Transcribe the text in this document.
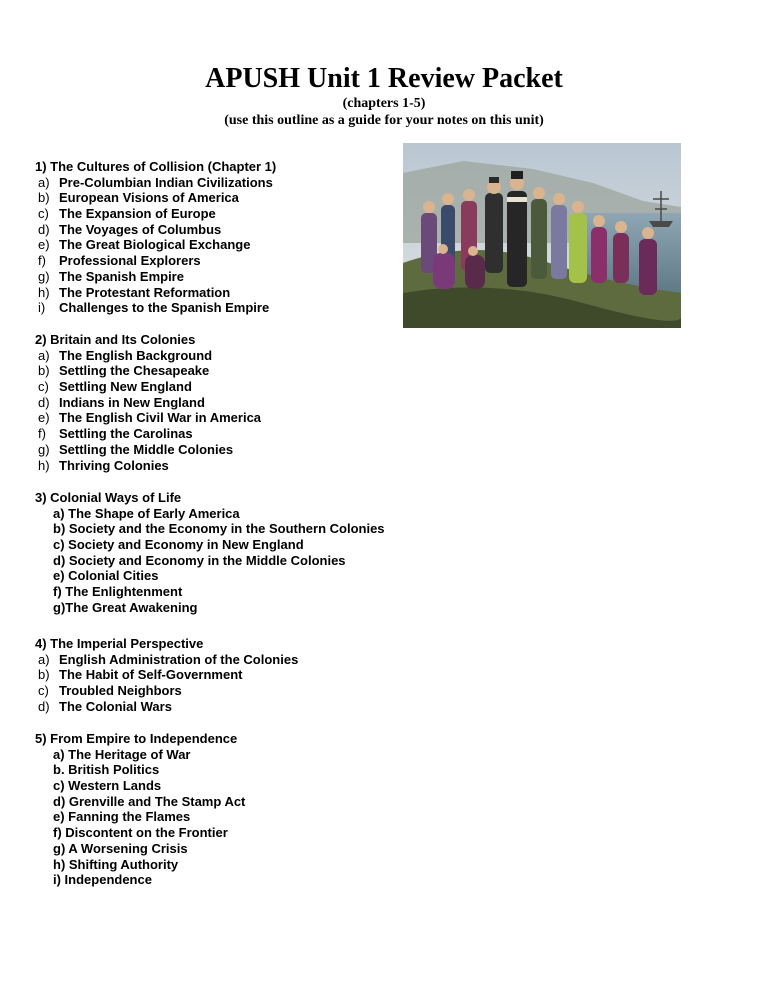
APUSH Unit 1 Review Packet
(chapters 1-5)
(use this outline as a guide for your notes on this unit)
1) The Cultures of Collision (Chapter 1)
a) Pre-Columbian Indian Civilizations
b) European Visions of America
c) The Expansion of Europe
d) The Voyages of Columbus
e) The Great Biological Exchange
f) Professional Explorers
g) The Spanish Empire
h) The Protestant Reformation
i) Challenges to the Spanish Empire
2) Britain and Its Colonies
a) The English Background
b) Settling the Chesapeake
c) Settling New England
d) Indians in New England
e) The English Civil War in America
f) Settling the Carolinas
g) Settling the Middle Colonies
h) Thriving Colonies
3) Colonial Ways of Life
a) The Shape of Early America
b) Society and the Economy in the Southern Colonies
c) Society and Economy in New England
d) Society and Economy in the Middle Colonies
e) Colonial Cities
f) The Enlightenment
g)The Great Awakening
4) The Imperial Perspective
a) English Administration of the Colonies
b) The Habit of Self-Government
c) Troubled Neighbors
d) The Colonial Wars
5) From Empire to Independence
a) The Heritage of War
b. British Politics
c) Western Lands
d) Grenville and The Stamp Act
e) Fanning the Flames
f) Discontent on the Frontier
g) A Worsening Crisis
h) Shifting Authority
i) Independence
